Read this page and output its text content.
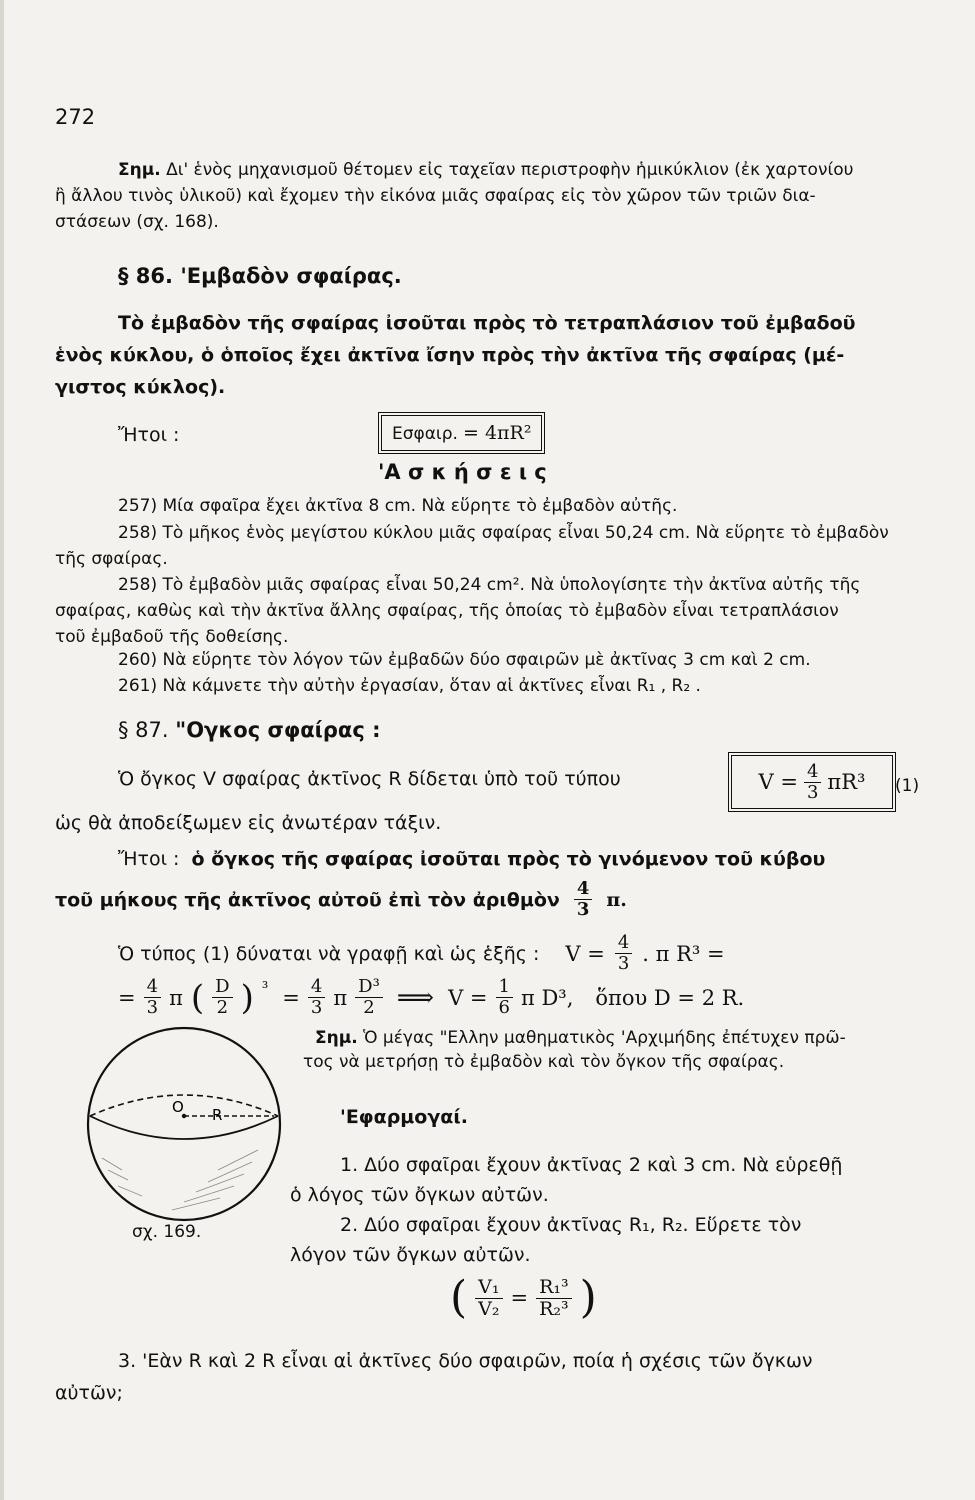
272
Σημ. Δι' ἑνὸς μηχανισμοῦ θέτομεν εἰς ταχεῖαν περιστροφὴν ἡμικύκλιον (ἐκ χαρτονίου
ἢ ἄλλου τινὸς ὑλικοῦ) καὶ ἔχομεν τὴν εἰκόνα μιᾶς σφαίρας εἰς τὸν χῶρον τῶν τριῶν δια-
στάσεων (σχ. 168).
§ 86. 'Εμβαδὸν σφαίρας.
Τὸ ἐμβαδὸν τῆς σφαίρας ἰσοῦται πρὸς τὸ τετραπλάσιον τοῦ ἐμβαδοῦ
ἑνὸς κύκλου, ὁ ὁποῖος ἔχει ἀκτῖνα ἴσην πρὸς τὴν ἀκτῖνα τῆς σφαίρας (μέ-
γιστος κύκλος).
Ἤτοι :	Εσφαιρ. = 4πR²
'Α σ κ ή σ ε ι ς
257) Μία σφαῖρα ἔχει ἀκτῖνα 8 cm. Νὰ εὕρητε τὸ ἐμβαδὸν αὐτῆς.
258) Τὸ μῆκος ἑνὸς μεγίστου κύκλου μιᾶς σφαίρας εἶναι 50,24 cm. Νὰ εὕρητε τὸ ἐμβαδὸν
τῆς σφαίρας.
258) Τὸ ἐμβαδὸν μιᾶς σφαίρας εἶναι 50,24 cm². Νὰ ὑπολογίσητε τὴν ἀκτῖνα αὐτῆς τῆς
σφαίρας, καθὼς καὶ τὴν ἀκτῖνα ἄλλης σφαίρας, τῆς ὁποίας τὸ ἐμβαδὸν εἶναι τετραπλάσιον
τοῦ ἐμβαδοῦ τῆς δοθείσης.
260) Νὰ εὕρητε τὸν λόγον τῶν ἐμβαδῶν δύο σφαιρῶν μὲ ἀκτῖνας 3 cm καὶ 2 cm.
261) Νὰ κάμνετε τὴν αὐτὴν ἐργασίαν, ὅταν αἱ ἀκτῖνες εἶναι R₁ , R₂ .
§ 87. "Ογκος σφαίρας :
Ὁ ὄγκος V σφαίρας ἀκτῖνος R δίδεται ὑπὸ τοῦ τύπου	$V = \frac{4}{3} \pi R^3$ (1)
ὡς θὰ ἀποδείξωμεν εἰς ἀνωτέραν τάξιν.
Ἤτοι : ὁ ὄγκος τῆς σφαίρας ἰσοῦται πρὸς τὸ γινόμενον τοῦ κύβου
τοῦ μήκους τῆς ἀκτῖνος αὐτοῦ ἐπὶ τὸν ἀριθμὸν $\frac{4}{3} \pi$.
Ὁ τύπος (1) δύναται νὰ γραφῇ καὶ ὡς ἑξῆς : $V = \frac{4}{3}$ . π R³ =
= $\frac{4}{3}$ π ( $\frac{D}{2}$ ) $^3 = \frac{4}{3}$ π $\frac{\text{D³}}{2}$ ⟹ $V = \frac{1}{6}$ π D³, ὅπου D = 2 R.
O R
σχ. 169.
Σημ. Ὁ μέγας "Ελλην μαθηματικὸς 'Αρχιμήδης ἐπέτυχεν πρῶ-
τος νὰ μετρήσῃ τὸ ἐμβαδὸν καὶ τὸν ὄγκον τῆς σφαίρας.
'Εφαρμογαί.
1. Δύο σφαῖραι ἔχουν ἀκτῖνας 2 καὶ 3 cm. Νὰ εὑρεθῇ
ὁ λόγος τῶν ὄγκων αὐτῶν.
2. Δύο σφαῖραι ἔχουν ἀκτῖνας R₁, R₂. Εὕρετε τὸν
λόγον τῶν ὄγκων αὐτῶν.
( $\frac{\text{V₁}}{\text{V₂}} = \frac{\text{R₁³}}{\text{R₂³}}$ )
3. 'Εὰν R καὶ 2 R εἶναι αἱ ἀκτῖνες δύο σφαιρῶν, ποία ἡ σχέσις τῶν ὄγκων
αὐτῶν;
